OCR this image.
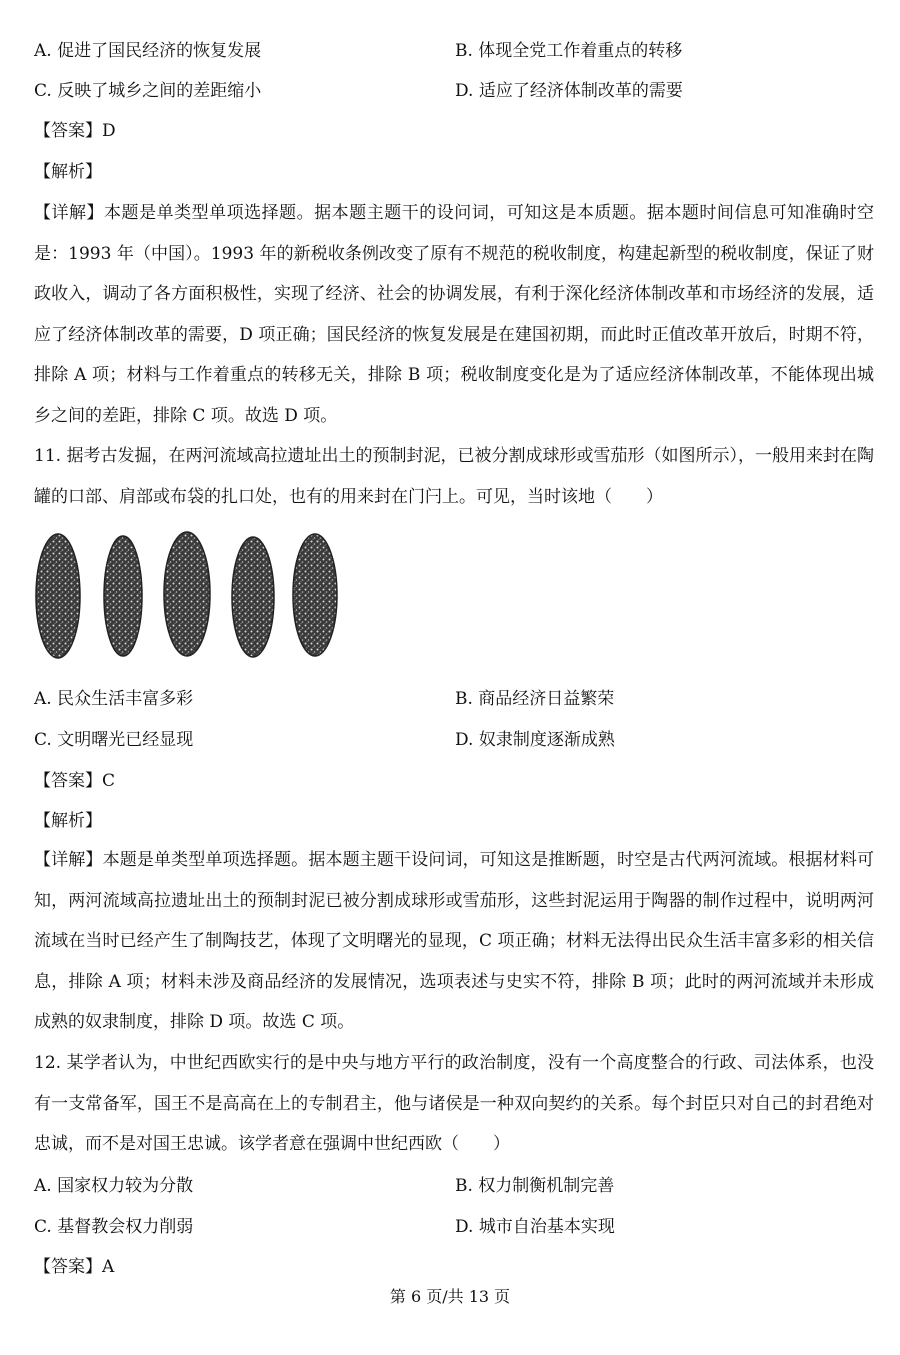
A. 促进了国民经济的恢复发展	B. 体现全党工作着重点的转移
C. 反映了城乡之间的差距缩小	D. 适应了经济体制改革的需要
【答案】D
【解析】
【详解】本题是单类型单项选择题。据本题主题干的设问词，可知这是本质题。据本题时间信息可知准确时空是：1993 年（中国）。1993 年的新税收条例改变了原有不规范的税收制度，构建起新型的税收制度，保证了财政收入，调动了各方面积极性，实现了经济、社会的协调发展，有利于深化经济体制改革和市场经济的发展，适应了经济体制改革的需要，D 项正确；国民经济的恢复发展是在建国初期，而此时正值改革开放后，时期不符，排除 A 项；材料与工作着重点的转移无关，排除 B 项；税收制度变化是为了适应经济体制改革，不能体现出城乡之间的差距，排除 C 项。故选 D 项。
11. 据考古发掘，在两河流域高拉遗址出土的预制封泥，已被分割成球形或雪茄形（如图所示），一般用来封在陶罐的口部、肩部或布袋的扎口处，也有的用来封在门闩上。可见，当时该地（　　）
A. 民众生活丰富多彩	B. 商品经济日益繁荣
C. 文明曙光已经显现	D. 奴隶制度逐渐成熟
【答案】C
【解析】
【详解】本题是单类型单项选择题。据本题主题干设问词，可知这是推断题，时空是古代两河流域。根据材料可知，两河流域高拉遗址出土的预制封泥已被分割成球形或雪茄形，这些封泥运用于陶器的制作过程中，说明两河流域在当时已经产生了制陶技艺，体现了文明曙光的显现，C 项正确；材料无法得出民众生活丰富多彩的相关信息，排除 A 项；材料未涉及商品经济的发展情况，选项表述与史实不符，排除 B 项；此时的两河流域并未形成成熟的奴隶制度，排除 D 项。故选 C 项。
12. 某学者认为，中世纪西欧实行的是中央与地方平行的政治制度，没有一个高度整合的行政、司法体系，也没有一支常备军，国王不是高高在上的专制君主，他与诸侯是一种双向契约的关系。每个封臣只对自己的封君绝对忠诚，而不是对国王忠诚。该学者意在强调中世纪西欧（　　）
A. 国家权力较为分散	B. 权力制衡机制完善
C. 基督教会权力削弱	D. 城市自治基本实现
【答案】A
第 6 页/共 13 页
